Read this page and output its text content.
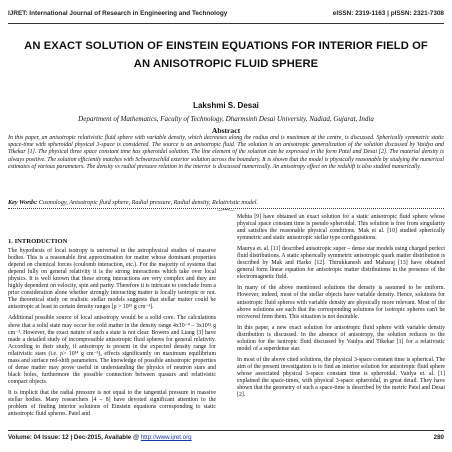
IJRET: International Journal of Research in Engineering and Technology	eISSN: 2319-1163 | pISSN: 2321-7308
AN EXACT SOLUTION OF EINSTEIN EQUATIONS FOR INTERIOR FIELD OF AN ANISOTROPIC FLUID SPHERE
Lakshmi S. Desai
Department of Mathematics, Faculty of Technology, Dharmsinh Desai University, Nadiad, Gujarat, India
Abstract
In this paper, an anisotropic relativistic fluid sphere with variable density, which decreases along the radius and is maximum at the centre, is discussed. Spherically symmetric static space-time with spheroidal physical 3-space is considered. The source is an anisotropic fluid. The solution is an anisotropic generalization of the solution discussed by Vaidya and Tikekar [1]. The physical three space constant time has spheroidal solution. The line element of the solution can be expressed in the form Patel and Desai [2]. The material density is always positive. The solution efficiently matches with Schwarzschild exterior solution across the boundary. It is shown that the model is physically reasonable by studying the numerical estimates of various parameters. The density vs radial pressure relation in the interior is discussed numerically. An anisotropy effect on the redshift is also studied numerically.
Key Words: Cosmology, Anisotropic fluid sphere, Radial pressure, Radial density, Relativistic model.
---***---
1. INTRODUCTION

The hypothesis of local isotropy is universal in the astrophysical studies of massive bodies. This is a reasonable first approximation for matter whose dominant properties depend on chemical forces (coulomb interaction, etc.). For the majority of systems that depend fully on general relativity it is the strong interactions which take over local physics. It is well known that these strong interactions are very complex and they are highly dependent on velocity, spin and parity. Therefore it is intricate to conclude from a prior consideration alone whether strongly interacting matter is locally isotropic or not. The theoretical study on realistic stellar models suggests that stellar matter could be anisotropic at least in certain density ranges [ρ > 10¹⁵ g cm⁻³].

Additional possible source of local anisotropy would be a solid core. The calculations show that a solid state may occur for cold matter in the density range 4x10⁻⁴ – 3x10¹⁵ g cm⁻³. However, the exact nature of such a state is not clear. Bowers and Liang [3] have made a detailed study of incompressible anisotropic fluid spheres for general relativity. According to their study, if anisotropy is present in the expected density range for relativistic stars (i.e. ρ> 10¹⁴ g cm⁻³), effects significantly on maximum equilibrium mass and surface red-shift parameters. The knowledge of possible anisotropic properties of dense matter may prove useful in understanding the physics of neutron stars and black holes, furthermore the possible connection between quasars and relativistic compact objects.

It is implicit that the radial pressure is not equal to the tangential pressure in massive stellar bodies. Many researchers [4 – 8] have devoted significant attention to the problem of finding interior solutions of Einstein equations corresponding to static anisotropic fluid spheres. Patel and

Mehta [9] have obtained an exact solution for a static anisotropic fluid sphere whose physical space constant time is pseudo spheroidal. This solution is free from singularity and satisfies the reasonable physical conditions. Mak et al. [10] studied spherically symmetric and static anisotropic stellar type configurations.

Maurya et. al. [11] described anisotropic super – dense star models using charged perfect fluid distributions. A static spherically symmetric anisotropic quark matter distribution is described by Mak and Harko [12]. Thirukkanesh and Maharaj [13] have obtained general form linear equation for anisotropic matter distributions in the presence of the electromagnetic field.

In many of the above mentioned solutions the density is assumed to be uniform. However, indeed, most of the stellar objects have variable density. Hence, solutions for anisotropic fluid spheres with variable density are physically more relevant. Most of the above solutions are such that the corresponding solutions for isotropic spheres can't be recovered from them. This situation is not desirable.

In this paper, a new exact solution for anisotropic fluid sphere with variable density distribution is discussed. In the absence of anisotropy, the solution reduces to the solution for the isotropic fluid discussed by Vaidya and Tikekar [1] for a relativistic model of a superdense star.

In most of the above cited solutions, the physical 3-space constant time is spherical. The aim of the present investigation is to find an interior solution for anisotropic fluid sphere whose associated physical 3-space constant time is spheroidal. Vaidya et. al. [1] explained the space-times, with physical 3-space spheroidal, in great detail. They have shown that the geometry of such a space-time is described by the metric Patel and Desai [2].

Volume: 04 Issue: 12 | Dec-2015, Available @ http://www.ijret.org	280
